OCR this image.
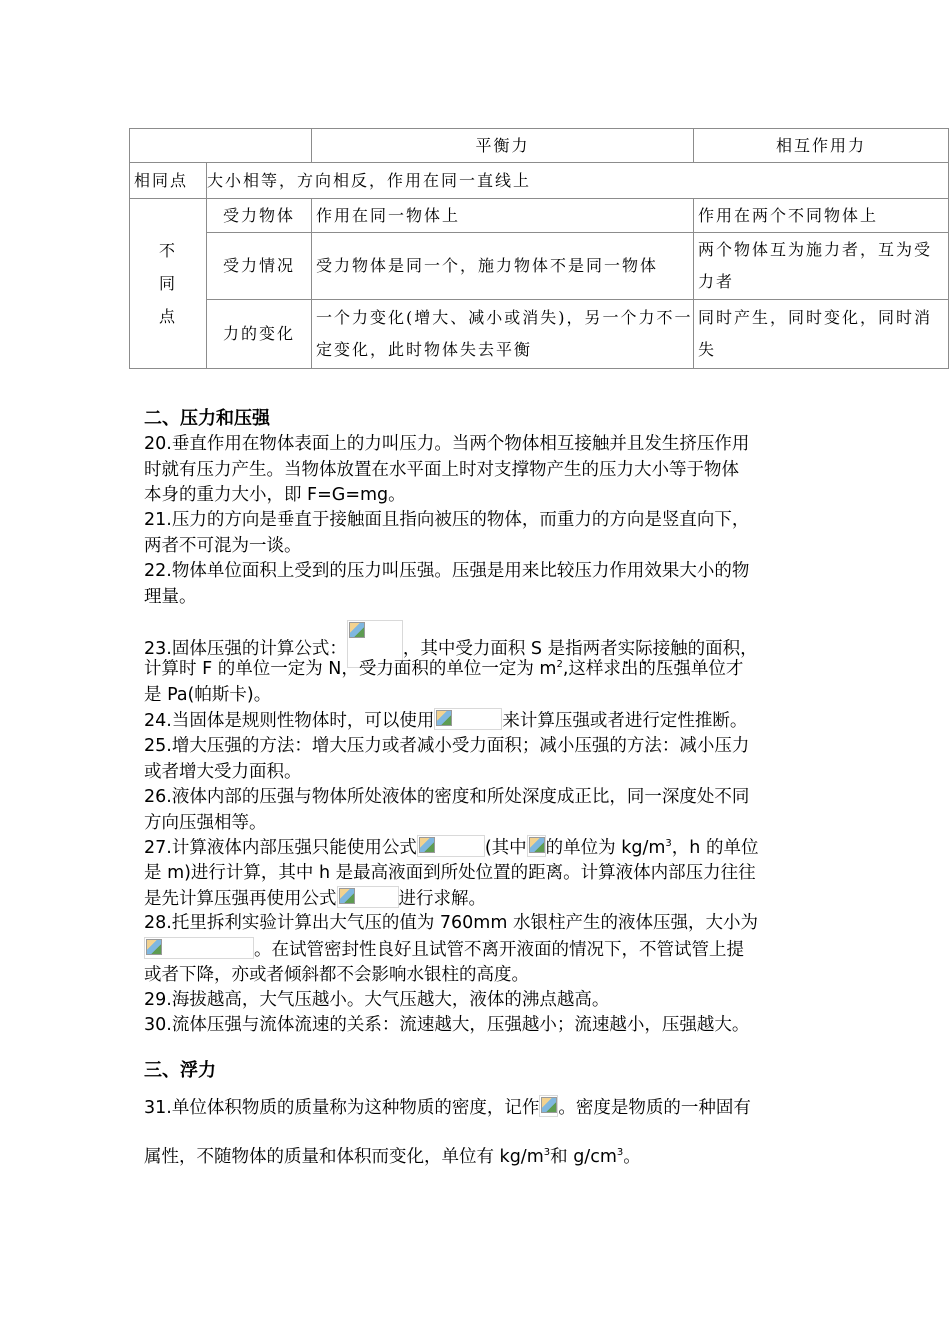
		平衡力	相互作用力
相同点	大小相等，方向相反，作用在同一直线上		

不
同
点	受力物体	作用在同一物体上	作用在两个不同物体上
	受力情况	受力物体是同一个，施力物体不是同一物体	两个物体互为施力者，互为受力者
	力的变化	一个力变化(增大、减小或消失)，另一个力不一定变化，此时物体失去平衡	同时产生，同时变化，同时消失
二、压力和压强
20.垂直作用在物体表面上的力叫压力。当两个物体相互接触并且发生挤压作用
时就有压力产生。当物体放置在水平面上时对支撑物产生的压力大小等于物体
本身的重力大小，即 F=G=mg。
21.压力的方向是垂直于接触面且指向被压的物体，而重力的方向是竖直向下，
两者不可混为一谈。
22.物体单位面积上受到的压力叫压强。压强是用来比较压力作用效果大小的物
理量。
23.固体压强的计算公式：	，其中受力面积 S 是指两者实际接触的面积，
计算时 F 的单位一定为 N，受力面积的单位一定为 $m^2$,这样求出的压强单位才
是 Pa(帕斯卡)。
24.当固体是规则性物体时，可以使用	来计算压强或者进行定性推断。
25.增大压强的方法：增大压力或者减小受力面积；减小压强的方法：减小压力
或者增大受力面积。
26.液体内部的压强与物体所处液体的密度和所处深度成正比，同一深度处不同
方向压强相等。
27.计算液体内部压强只能使用公式	(其中 的单位为 $kg/m^3$，h 的单位
是 m)进行计算，其中 h 是最高液面到所处位置的距离。计算液体内部压力往往
是先计算压强再使用公式	进行求解。
28.托里拆利实验计算出大气压的值为 760mm 水银柱产生的液体压强，大小为
。在试管密封性良好且试管不离开液面的情况下，不管试管上提
或者下降，亦或者倾斜都不会影响水银柱的高度。
29.海拔越高，大气压越小。大气压越大，液体的沸点越高。
30.流体压强与流体流速的关系：流速越大，压强越小；流速越小，压强越大。
三、浮力
31.单位体积物质的质量称为这种物质的密度，记作 。密度是物质的一种固有
属性，不随物体的质量和体积而变化，单位有 $kg/m^3$和 $g/cm^3$。
